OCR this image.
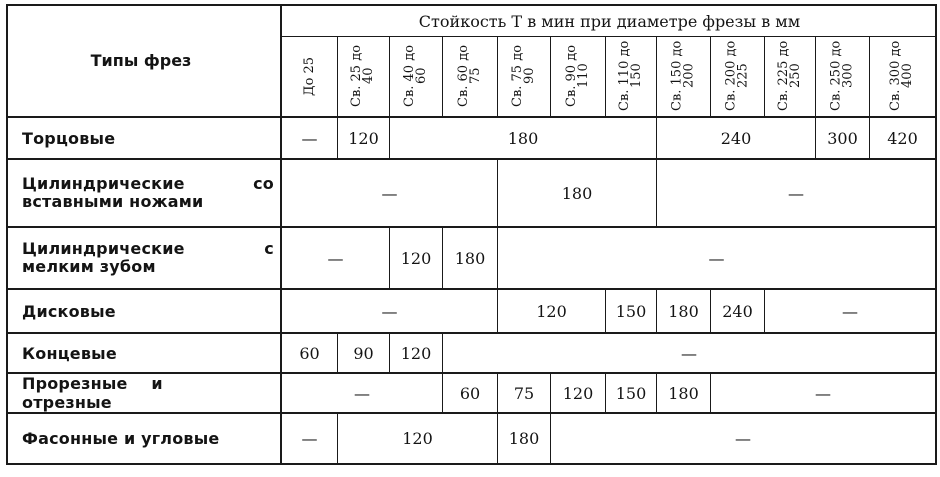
Стойкость T в мин при диаметре фрезы в мм
Типы фрез	До 25	Св. 25 до 40	Св. 40 до 60	Св. 60 до 75	Св. 75 до 90	Св. 90 до 110	Св. 110 до 150	Св. 150 до 200	Св. 200 до 225	Св. 225 до 250	Св. 250 до 300	Св. 300 до 400
Торцовые	—	120	180	240	300	420
Цилиндрические со вставными ножами	—	180	—
Цилиндрические с мелким зубом	—	120	180	—
Дисковые	—	120	150	180	240	—
Концевые	60	90	120	—
Прорезные и отрезные	—	60	75	120	150	180	—
Фасонные и угловые	—	120	180	—
